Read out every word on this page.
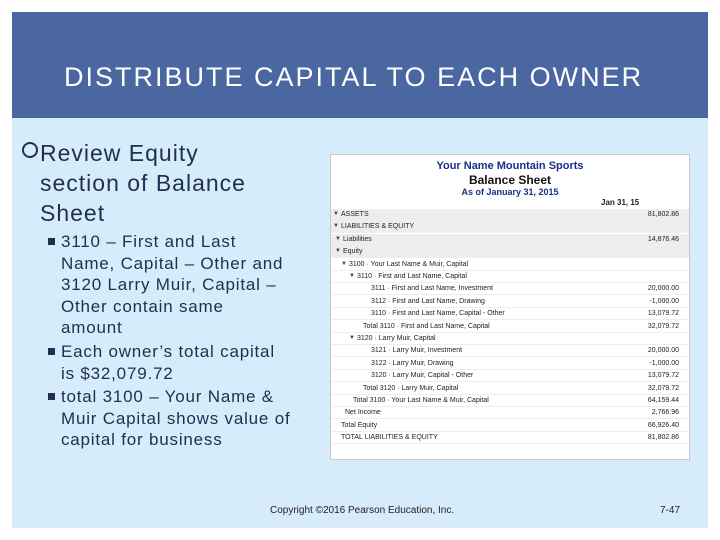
DISTRIBUTE CAPITAL TO EACH OWNER
Review Equity
section of Balance
Sheet
3110 – First and Last
Name, Capital – Other and
3120 Larry Muir, Capital –
Other contain same
amount
Each owner’s total capital
is $32,079.72
total 3100 – Your Name &
Muir Capital shows value of
capital for business
Your Name Mountain Sports
Balance Sheet
As of January 31, 2015
Jan 31, 15
▼ ASSETS	81,802.86
▼ LIABILITIES & EQUITY
▼ Liabilities	14,876.46
▼ Equity
▼ 3100 · Your Last Name & Muir, Capital
▼ 3110 · First and Last Name, Capital
3111 · First and Last Name, Investment	20,000.00
3112 · First and Last Name, Drawing	-1,000.00
3110 · First and Last Name, Capital - Other	13,079.72
Total 3110 · First and Last Name, Capital	32,079.72
▼ 3120 · Larry Muir, Capital
3121 · Larry Muir, Investment	20,000.00
3122 · Larry Muir, Drawing	-1,000.00
3120 · Larry Muir, Capital - Other	13,079.72
Total 3120 · Larry Muir, Capital	32,079.72
Total 3100 · Your Last Name & Muir, Capital	64,159.44
Net Income	2,766.96
Total Equity	66,926.40
TOTAL LIABILITIES & EQUITY	81,802.86
Copyright ©2016 Pearson Education, Inc.	7-47
